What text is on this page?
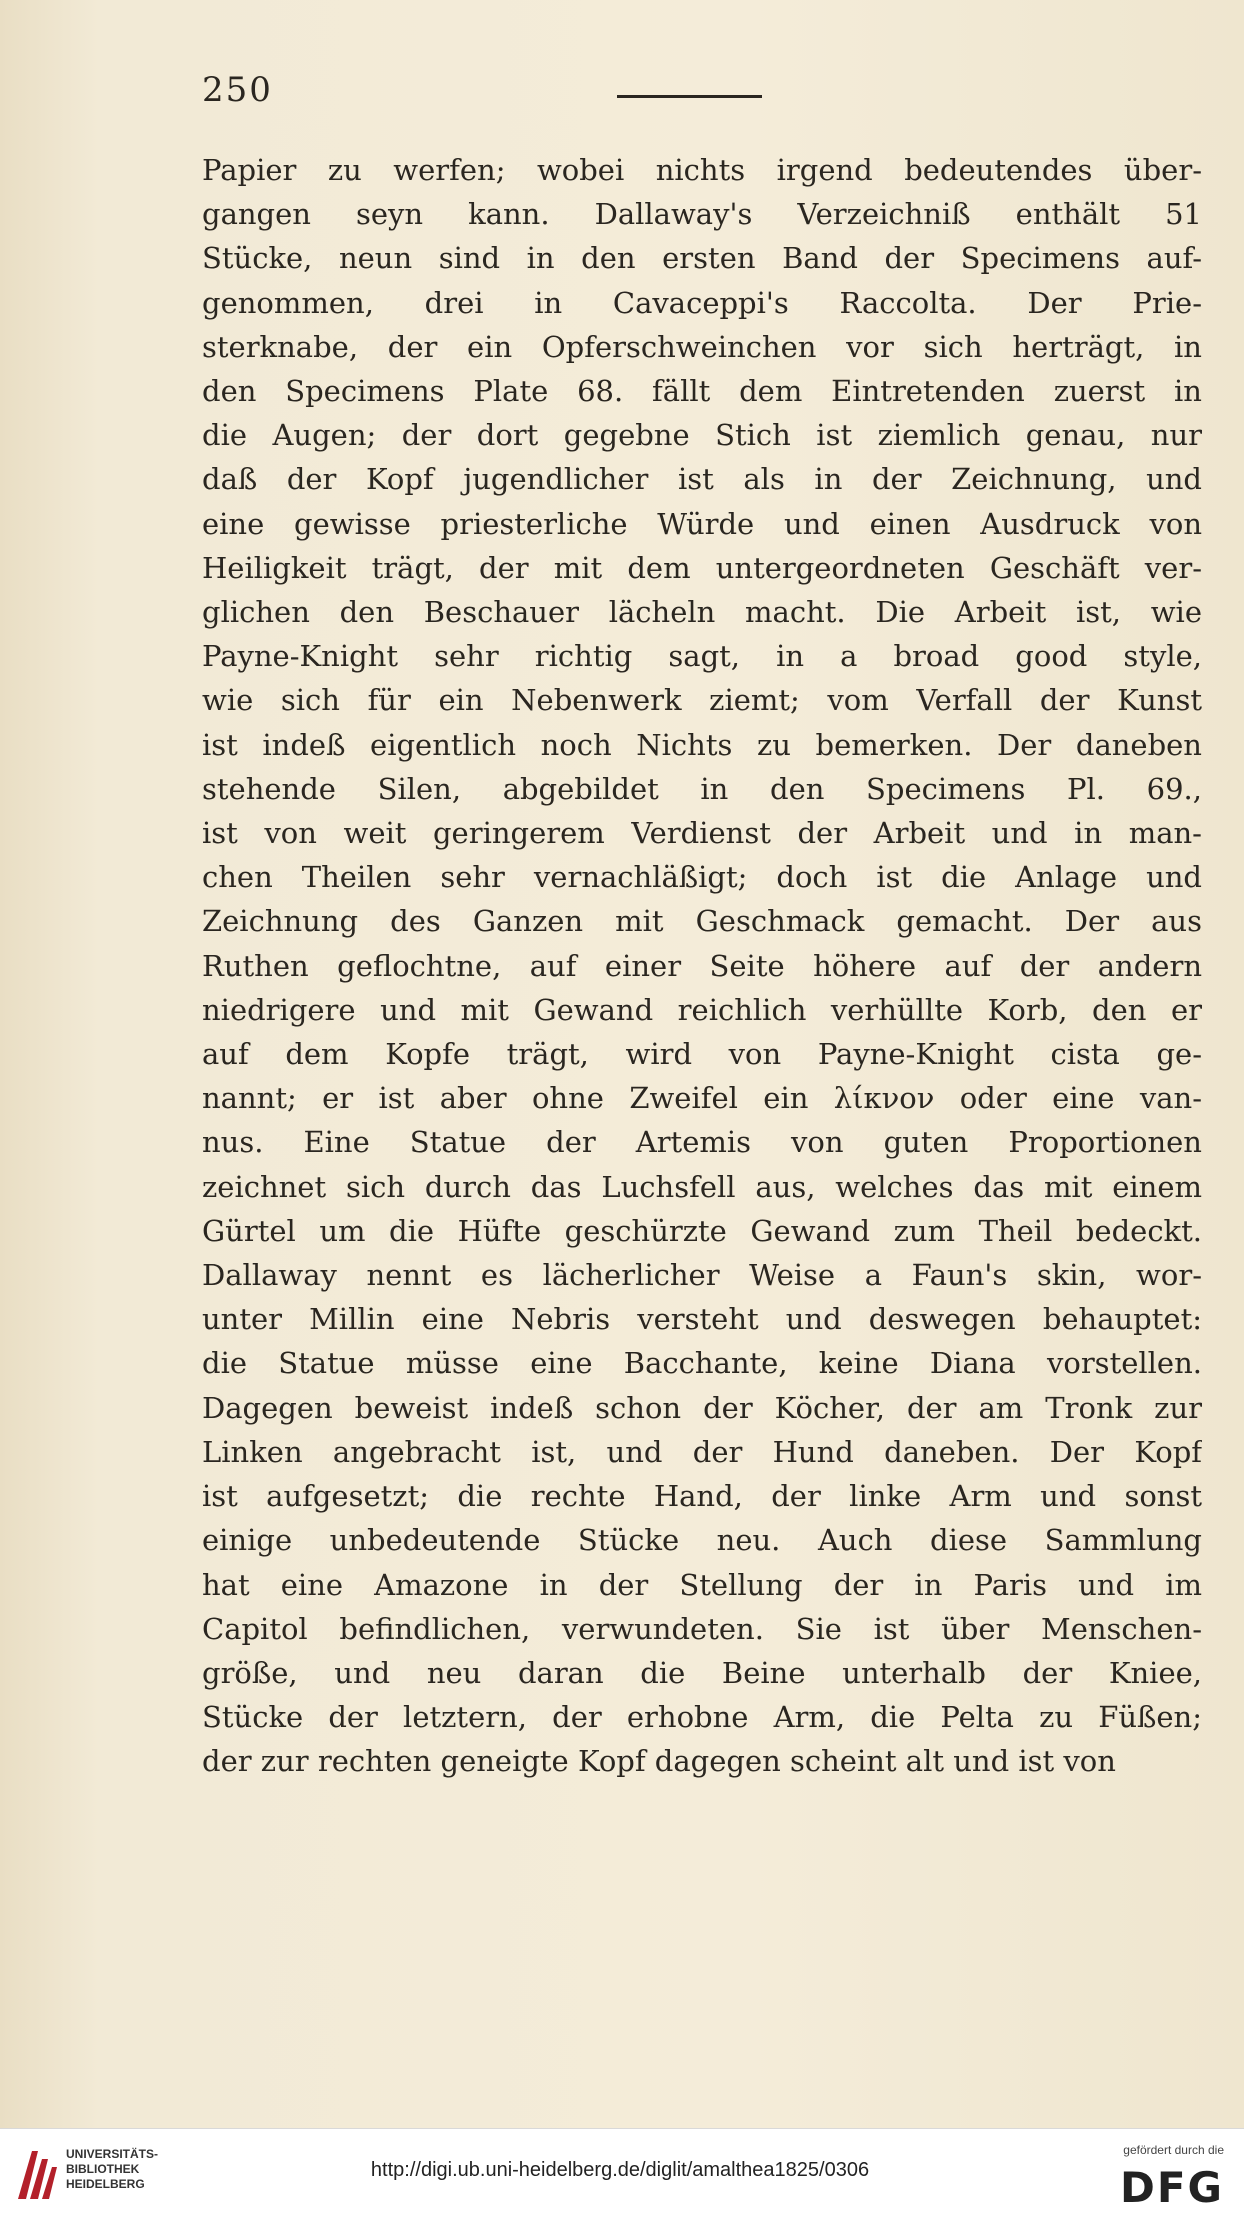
250
Papier zu werfen; wobei nichts irgend bedeutendes über-
gangen seyn kann. Dallaway's Verzeichniß enthält 51
Stücke, neun sind in den ersten Band der Specimens auf-
genommen, drei in Cavaceppi's Raccolta. Der Prie-
sterknabe, der ein Opferschweinchen vor sich herträgt, in
den Specimens Plate 68. fällt dem Eintretenden zuerst in
die Augen; der dort gegebne Stich ist ziemlich genau, nur
daß der Kopf jugendlicher ist als in der Zeichnung, und
eine gewisse priesterliche Würde und einen Ausdruck von
Heiligkeit trägt, der mit dem untergeordneten Geschäft ver-
glichen den Beschauer lächeln macht. Die Arbeit ist, wie
Payne-Knight sehr richtig sagt, in a broad good style,
wie sich für ein Nebenwerk ziemt; vom Verfall der Kunst
ist indeß eigentlich noch Nichts zu bemerken. Der daneben
stehende Silen, abgebildet in den Specimens Pl. 69.,
ist von weit geringerem Verdienst der Arbeit und in man-
chen Theilen sehr vernachläßigt; doch ist die Anlage und
Zeichnung des Ganzen mit Geschmack gemacht. Der aus
Ruthen geflochtne, auf einer Seite höhere auf der andern
niedrigere und mit Gewand reichlich verhüllte Korb, den er
auf dem Kopfe trägt, wird von Payne-Knight cista ge-
nannt; er ist aber ohne Zweifel ein λίκνον oder eine van-
nus. Eine Statue der Artemis von guten Proportionen
zeichnet sich durch das Luchsfell aus, welches das mit einem
Gürtel um die Hüfte geschürzte Gewand zum Theil bedeckt.
Dallaway nennt es lächerlicher Weise a Faun's skin, wor-
unter Millin eine Nebris versteht und deswegen behauptet:
die Statue müsse eine Bacchante, keine Diana vorstellen.
Dagegen beweist indeß schon der Köcher, der am Tronk zur
Linken angebracht ist, und der Hund daneben. Der Kopf
ist aufgesetzt; die rechte Hand, der linke Arm und sonst
einige unbedeutende Stücke neu. Auch diese Sammlung
hat eine Amazone in der Stellung der in Paris und im
Capitol befindlichen, verwundeten. Sie ist über Menschen-
größe, und neu daran die Beine unterhalb der Kniee,
Stücke der letztern, der erhobne Arm, die Pelta zu Füßen;
der zur rechten geneigte Kopf dagegen scheint alt und ist von
UNIVERSITÄTS-
BIBLIOTHEK
HEIDELBERG
http://digi.ub.uni-heidelberg.de/diglit/amalthea1825/0306
gefördert durch die
DFG
